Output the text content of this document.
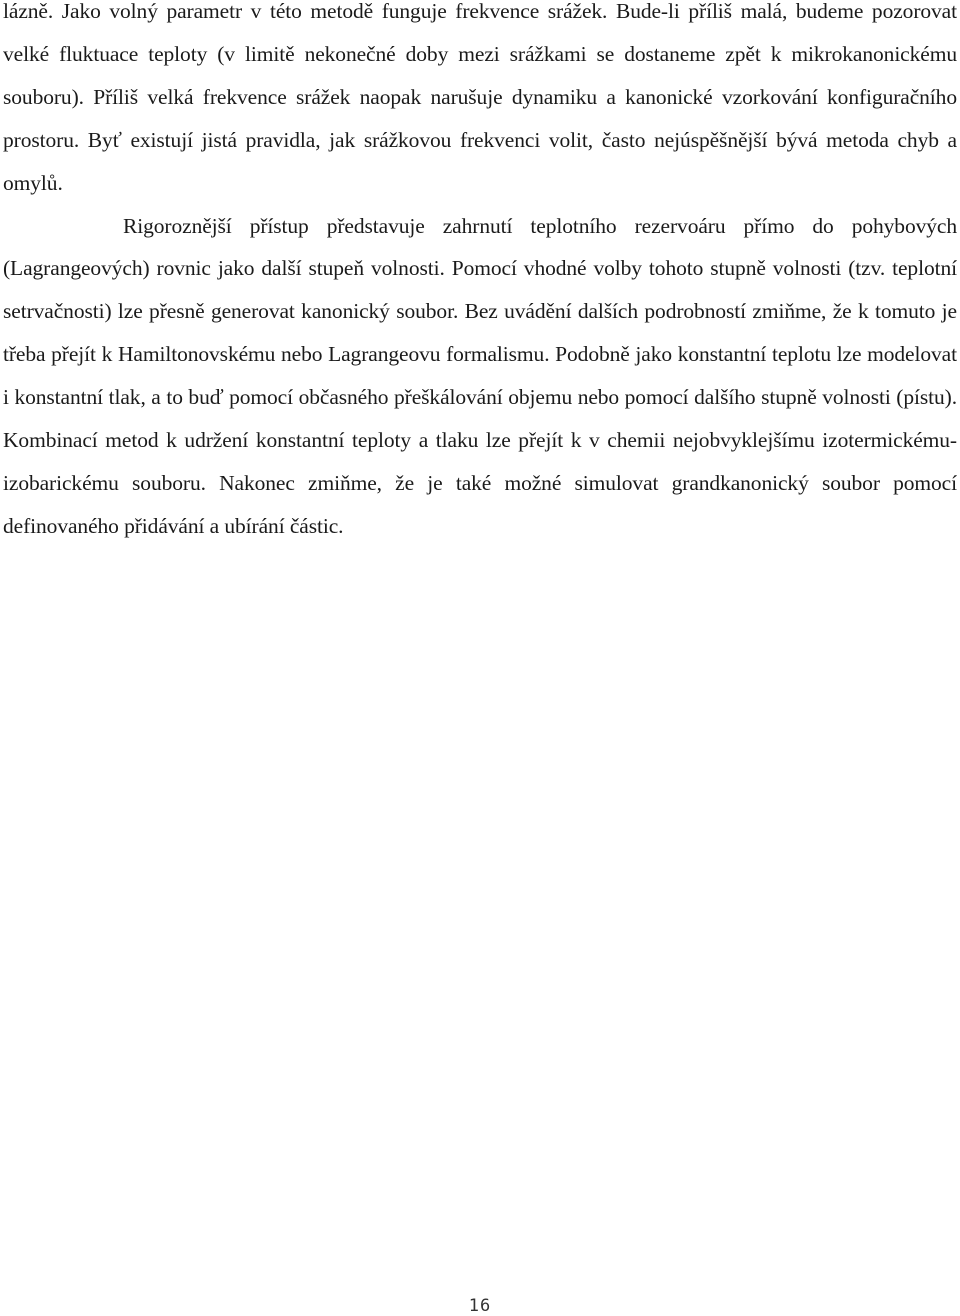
lázně. Jako volný parametr v této metodě funguje frekvence srážek. Bude-li příliš malá, budeme pozorovat velké fluktuace teploty (v limitě nekonečné doby mezi srážkami se dostaneme zpět k mikrokanonickému souboru). Příliš velká frekvence srážek naopak narušuje dynamiku a kanonické vzorkování konfiguračního prostoru. Byť existují jistá pravidla, jak srážkovou frekvenci volit, často nejúspěšnější bývá metoda chyb a omylů.

Rigoroznější přístup představuje zahrnutí teplotního rezervoáru přímo do pohybových (Lagrangeových) rovnic jako další stupeň volnosti. Pomocí vhodné volby tohoto stupně volnosti (tzv. teplotní setrvačnosti) lze přesně generovat kanonický soubor. Bez uvádění dalších podrobností zmiňme, že k tomuto je třeba přejít k Hamiltonovskému nebo Lagrangeovu formalismu. Podobně jako konstantní teplotu lze modelovat i konstantní tlak, a to buď pomocí občasného přeškálování objemu nebo pomocí dalšího stupně volnosti (pístu). Kombinací metod k udržení konstantní teploty a tlaku lze přejít k v chemii nejobvyklejšímu izotermickému-izobarickému souboru. Nakonec zmiňme, že je také možné simulovat grandkanonický soubor pomocí definovaného přidávání a ubírání částic.

16
